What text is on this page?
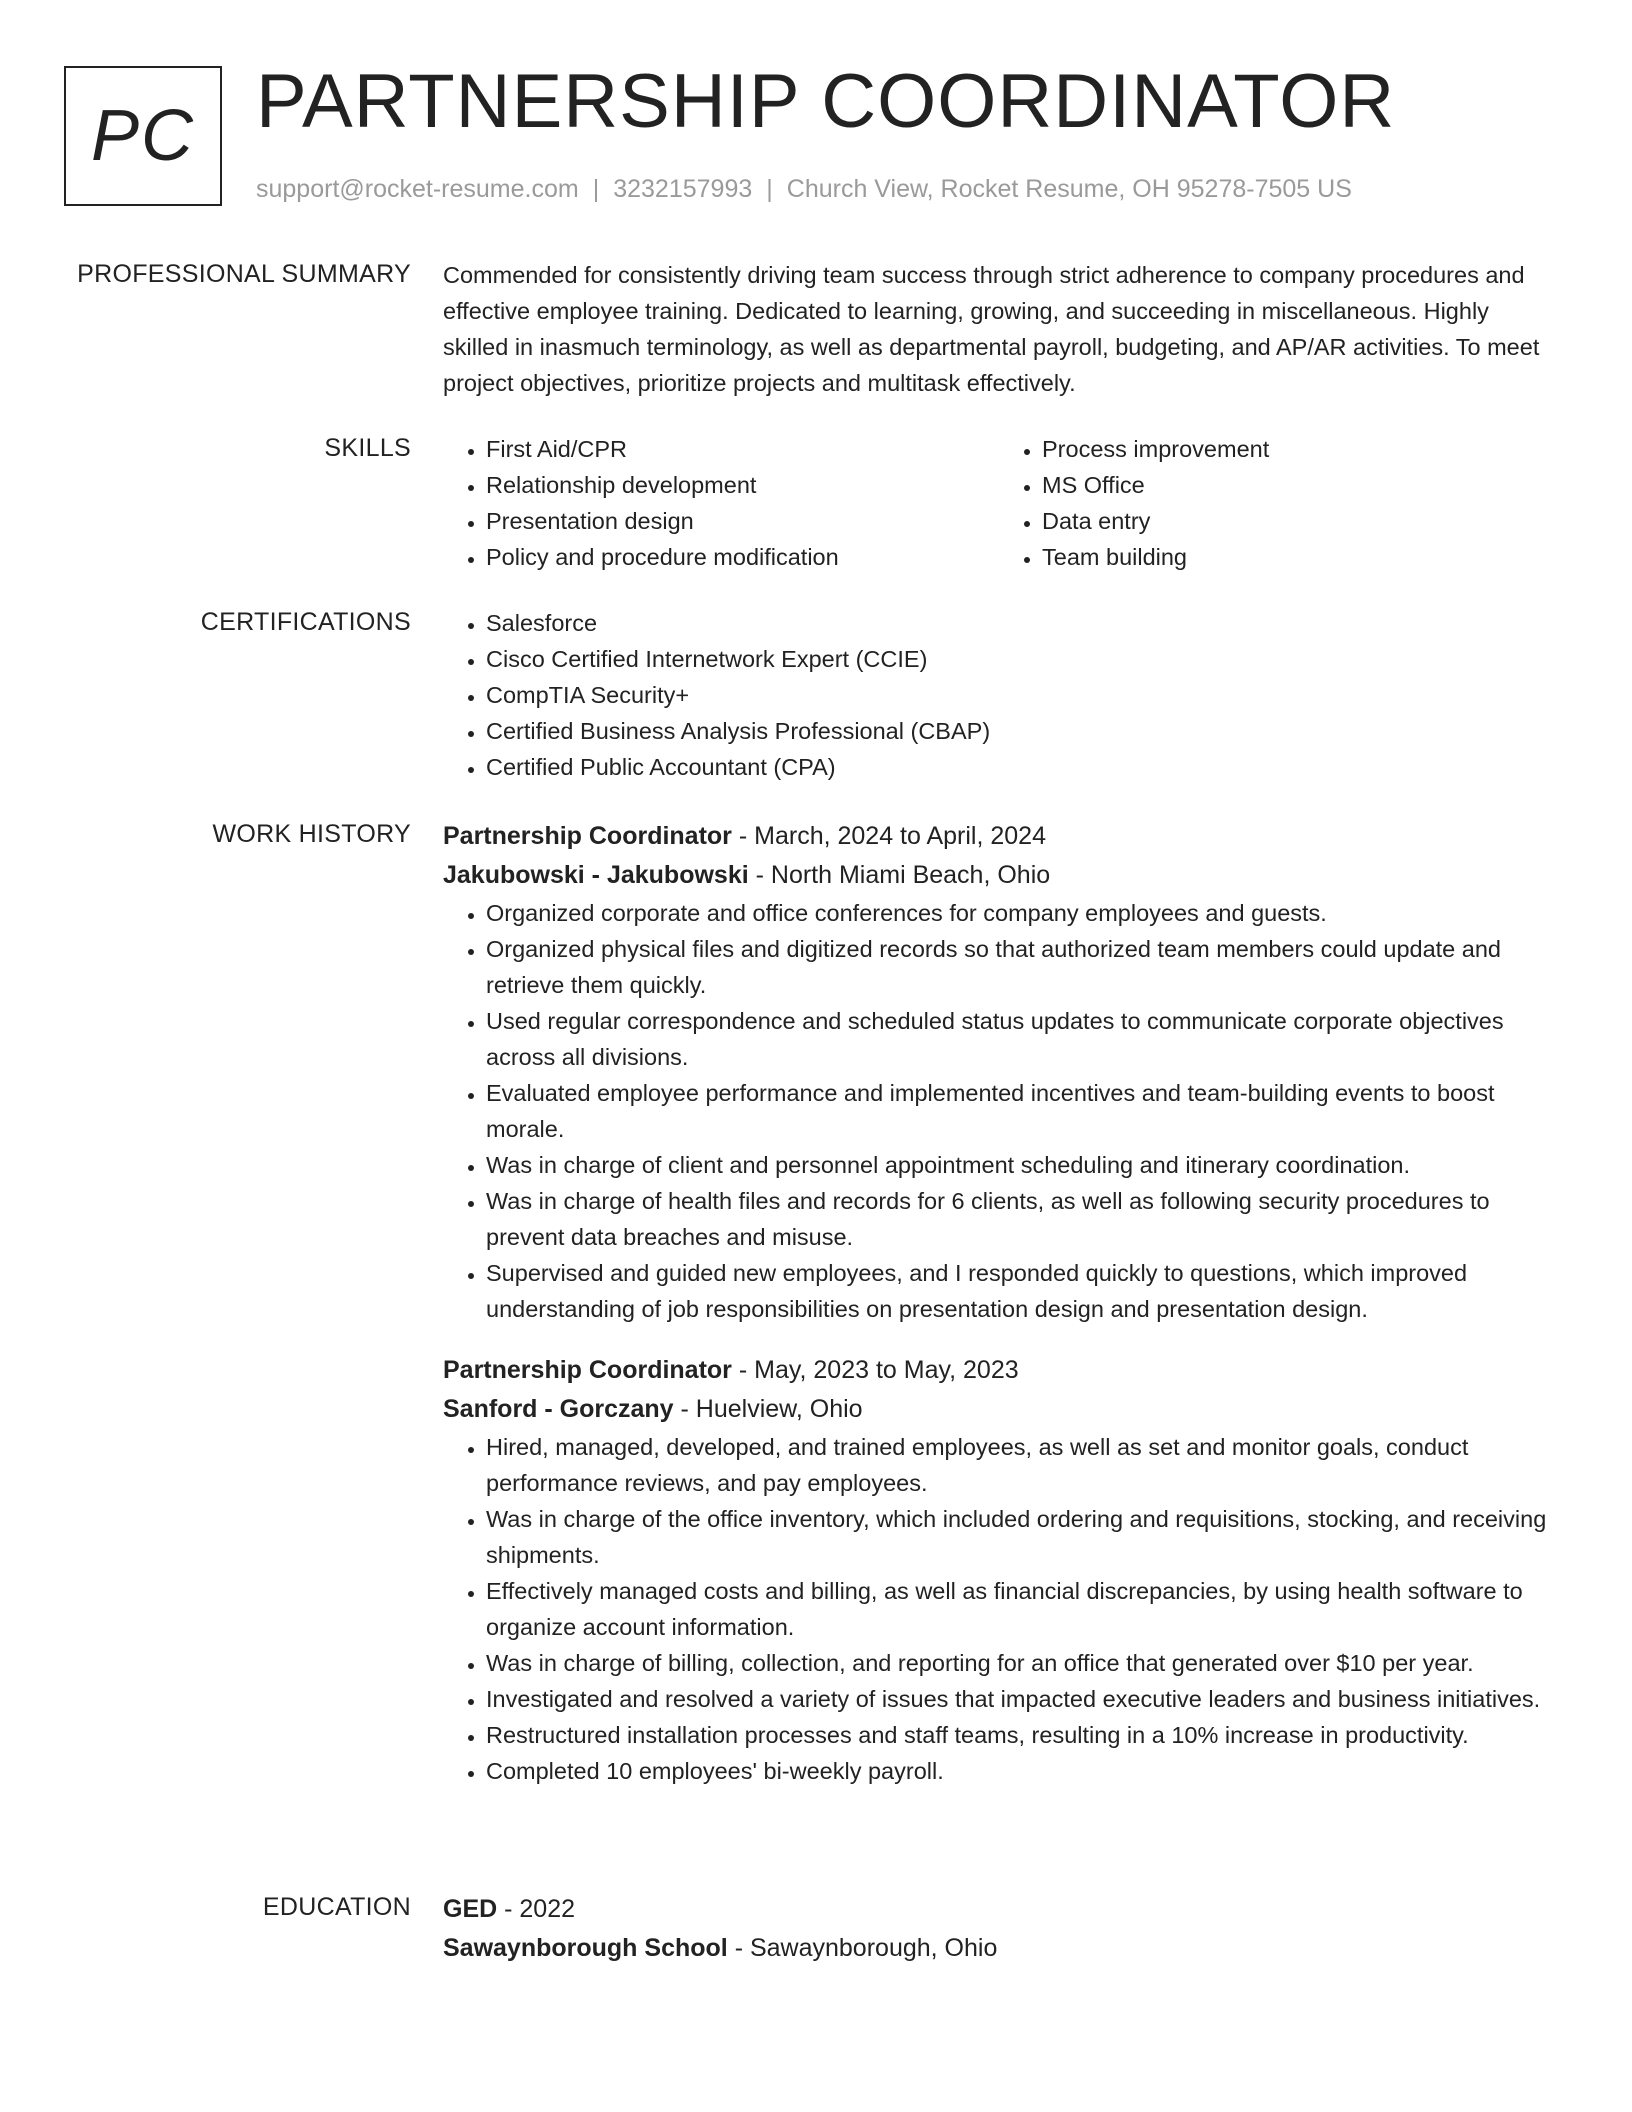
PC PARTNERSHIP COORDINATOR
support@rocket-resume.com | 3232157993 | Church View, Rocket Resume, OH 95278-7505 US
PROFESSIONAL SUMMARY Commended for consistently driving team success through strict adherence to company procedures and effective employee training. Dedicated to learning, growing, and succeeding in miscellaneous. Highly skilled in inasmuch terminology, as well as departmental payroll, budgeting, and AP/AR activities. To meet project objectives, prioritize projects and multitask effectively.

SKILLS	• First Aid/CPR
• Relationship development
• Presentation design
• Policy and procedure modification
• Process improvement
• MS Office
• Data entry
• Team building
CERTIFICATIONS	• Salesforce
• Cisco Certified Internetwork Expert (CCIE)
• CompTIA Security+
• Certified Business Analysis Professional (CBAP)
• Certified Public Accountant (CPA)
WORK HISTORY Partnership Coordinator - March, 2024 to April, 2024
Jakubowski - Jakubowski - North Miami Beach, Ohio
• Organized corporate and office conferences for company employees and guests.
• Organized physical files and digitized records so that authorized team members could update and retrieve them quickly.
• Used regular correspondence and scheduled status updates to communicate corporate objectives across all divisions.
• Evaluated employee performance and implemented incentives and team-building events to boost morale.
• Was in charge of client and personnel appointment scheduling and itinerary coordination.
• Was in charge of health files and records for 6 clients, as well as following security procedures to prevent data breaches and misuse.
• Supervised and guided new employees, and I responded quickly to questions, which improved understanding of job responsibilities on presentation design and presentation design.
Partnership Coordinator - May, 2023 to May, 2023
Sanford - Gorczany - Huelview, Ohio
• Hired, managed, developed, and trained employees, as well as set and monitor goals, conduct performance reviews, and pay employees.
• Was in charge of the office inventory, which included ordering and requisitions, stocking, and receiving shipments.
• Effectively managed costs and billing, as well as financial discrepancies, by using health software to organize account information.
• Was in charge of billing, collection, and reporting for an office that generated over $10 per year.
• Investigated and resolved a variety of issues that impacted executive leaders and business initiatives.
• Restructured installation processes and staff teams, resulting in a 10% increase in productivity.
• Completed 10 employees' bi-weekly payroll.
EDUCATION GED - 2022
Sawaynborough School - Sawaynborough, Ohio
